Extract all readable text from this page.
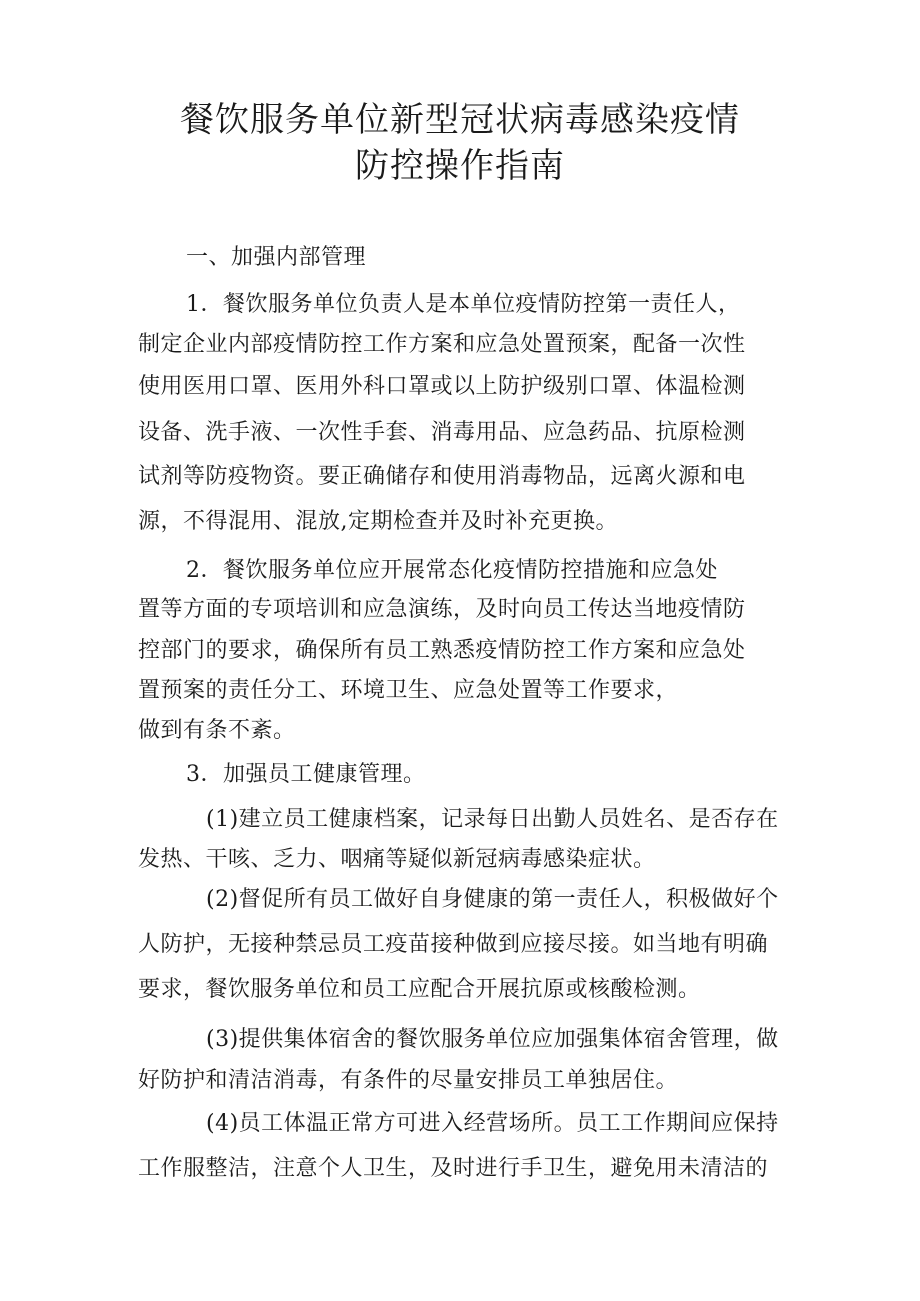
餐饮服务单位新型冠状病毒感染疫情
防控操作指南
一、加强内部管理
1．餐饮服务单位负责人是本单位疫情防控第一责任人，
制定企业内部疫情防控工作方案和应急处置预案，配备一次性
使用医用口罩、医用外科口罩或以上防护级别口罩、体温检测
设备、洗手液、一次性手套、消毒用品、应急药品、抗原检测
试剂等防疫物资。要正确储存和使用消毒物品，远离火源和电
源，不得混用、混放,定期检查并及时补充更换。
2．餐饮服务单位应开展常态化疫情防控措施和应急处
置等方面的专项培训和应急演练，及时向员工传达当地疫情防
控部门的要求，确保所有员工熟悉疫情防控工作方案和应急处
置预案的责任分工、环境卫生、应急处置等工作要求，
做到有条不紊。
3．加强员工健康管理。
(1)建立员工健康档案，记录每日出勤人员姓名、是否存在
发热、干咳、乏力、咽痛等疑似新冠病毒感染症状。
(2)督促所有员工做好自身健康的第一责任人，积极做好个
人防护，无接种禁忌员工疫苗接种做到应接尽接。如当地有明确
要求，餐饮服务单位和员工应配合开展抗原或核酸检测。
(3)提供集体宿舍的餐饮服务单位应加强集体宿舍管理，做
好防护和清洁消毒，有条件的尽量安排员工单独居住。
(4)员工体温正常方可进入经营场所。员工工作期间应保持
工作服整洁，注意个人卫生，及时进行手卫生，避免用未清洁的
